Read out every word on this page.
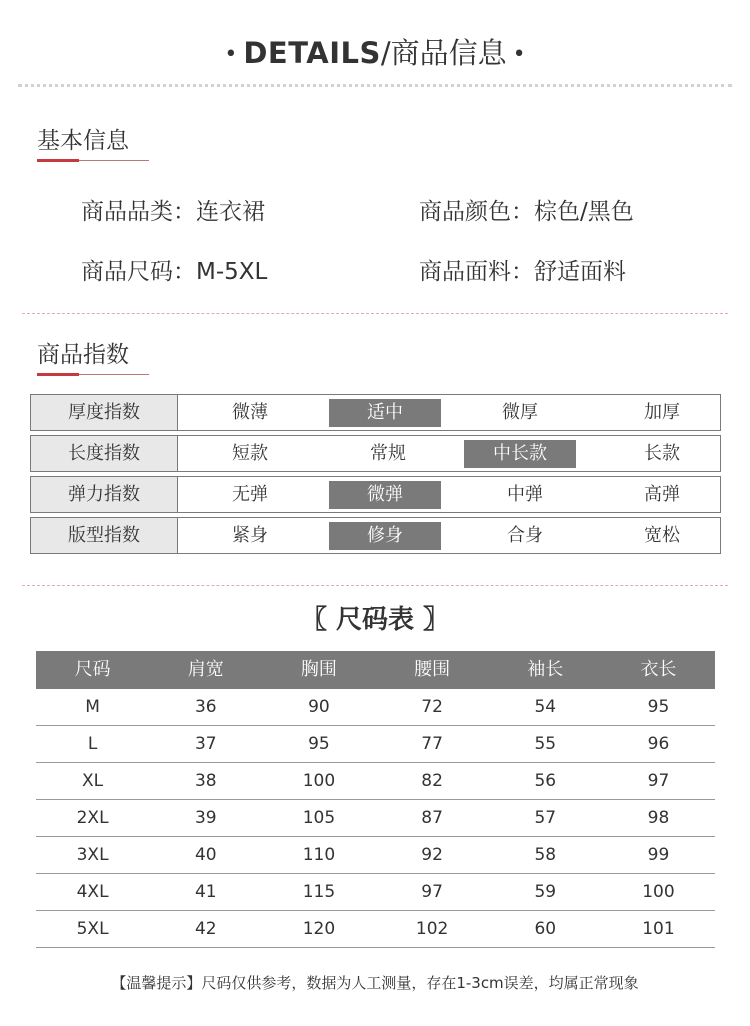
• DETAILS/商品信息 •
基本信息
商品品类：连衣裙	商品颜色：棕色/黑色
商品尺码：M-5XL	商品面料：舒适面料
商品指数
厚度指数	微薄	适中	微厚	加厚
长度指数	短款	常规	中长款	长款
弹力指数	无弹	微弹	中弹	高弹
版型指数	紧身	修身	合身	宽松
〖 尺码表 〗
尺码	肩宽	胸围	腰围	袖长	衣长
M	36	90	72	54	95
L	37	95	77	55	96
XL	38	100	82	56	97
2XL	39	105	87	57	98
3XL	40	110	92	58	99
4XL	41	115	97	59	100
5XL	42	120	102	60	101
【温馨提示】尺码仅供参考，数据为人工测量，存在1-3cm误差，均属正常现象
